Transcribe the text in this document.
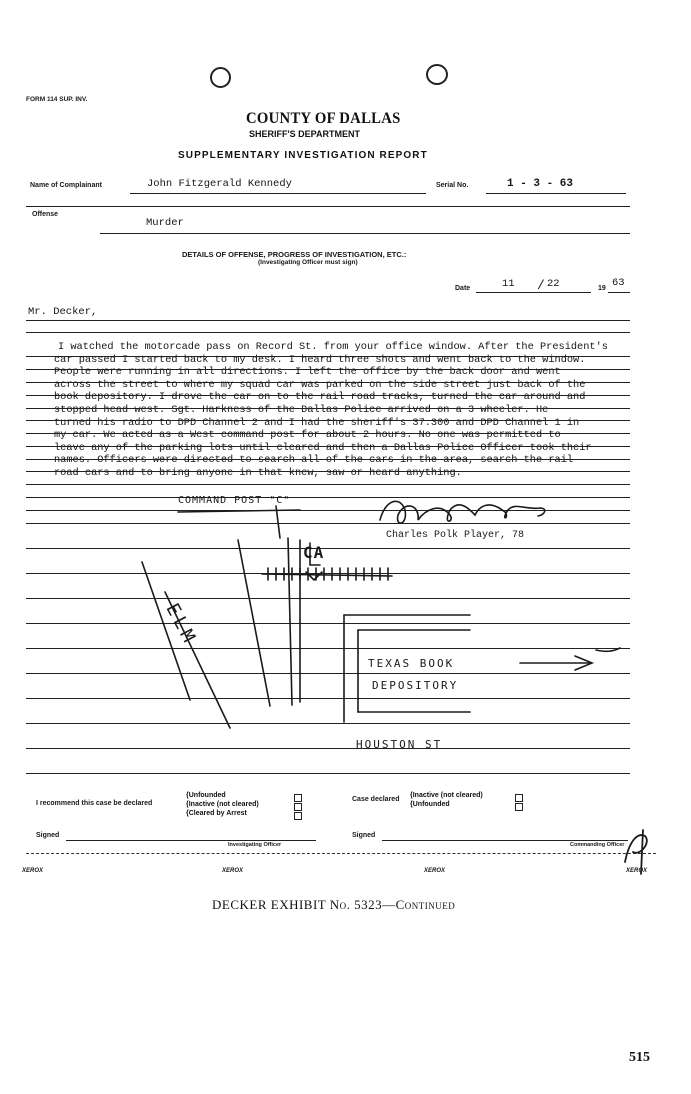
FORM 114 SUP. INV.
COUNTY OF DALLAS
SHERIFF'S DEPARTMENT
SUPPLEMENTARY INVESTIGATION REPORT
Name of Complainant	John Fitzgerald Kennedy	Serial No.	1 - 3 - 63
Offense
Murder
DETAILS OF OFFENSE, PROGRESS OF INVESTIGATION, ETC.:
(Investigating Officer must sign)
Date	11 / 22	19 63
Mr. Decker,
I watched the motorcade pass on Record St. from your office window. After the President's
car passed I started back to my desk. I heard three shots and went back to the window.
People were running in all directions. I left the office by the back door and went
across the street to where my squad car was parked on the side street just back of the
book depository. I drove the car on to the rail road tracks, turned the car around and
stopped head west. Sgt. Harkness of the Dallas Police arrived on a 3 wheeler. He
turned his radio to DPD Channel 2 and I had the sheriff's 37.300 and DPD Channel 1 in
my car. We acted as a West command post for about 2 hours. No one was permitted to
leave any of the parking lots until cleared and then a Dallas Police Officer took their
names. Officers were directed to search all of the cars in the area, search the rail
road cars and to bring anyone in that knew, saw or heard anything.
COMMAND POST "C"
Charles Polk Player, 78
CA
ELM
TEXAS BOOK
DEPOSITORY
HOUSTON ST
I recommend this case be declared
{Unfounded
{Inactive (not cleared)
{Cleared by Arrest
Case declared
{Inactive (not cleared)
{Unfounded
Signed
Investigating Officer
Signed
Commanding Officer
XEROX	XEROX	XEROX	XEROX
DECKER EXHIBIT No. 5323—Continued
515
